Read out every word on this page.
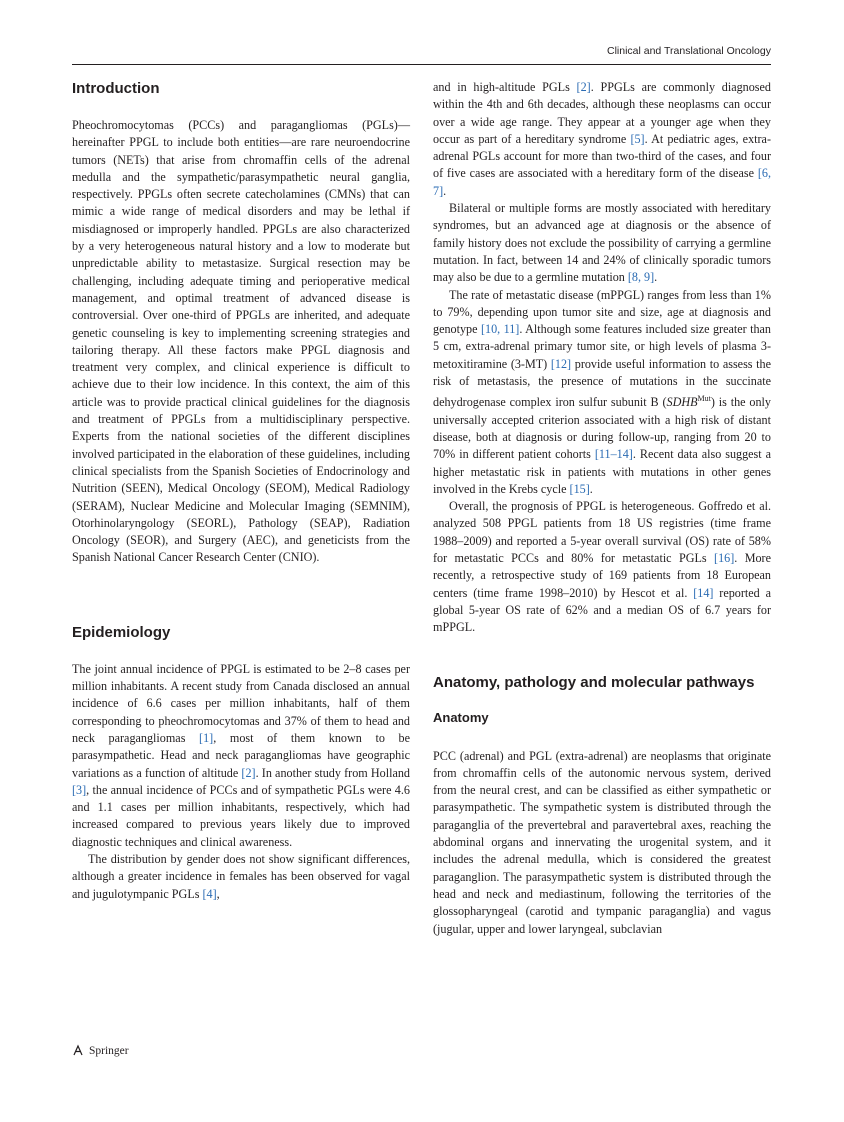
Clinical and Translational Oncology
Introduction

Pheochromocytomas (PCCs) and paragangliomas (PGLs)—hereinafter PPGL to include both entities—are rare neuroendocrine tumors (NETs) that arise from chromaffin cells of the adrenal medulla and the sympathetic/parasympathetic neural ganglia, respectively. PPGLs often secrete catecholamines (CMNs) that can mimic a wide range of medical disorders and may be lethal if misdiagnosed or improperly handled. PPGLs are also characterized by a very heterogeneous natural history and a low to moderate but unpredictable ability to metastasize. Surgical resection may be challenging, including adequate timing and perioperative medical management, and optimal treatment of advanced disease is controversial. Over one-third of PPGLs are inherited, and adequate genetic counseling is key to implementing screening strategies and tailoring therapy. All these factors make PPGL diagnosis and treatment very complex, and clinical experience is difficult to achieve due to their low incidence. In this context, the aim of this article was to provide practical clinical guidelines for the diagnosis and treatment of PPGLs from a multidisciplinary perspective. Experts from the national societies of the different disciplines involved participated in the elaboration of these guidelines, including clinical specialists from the Spanish Societies of Endocrinology and Nutrition (SEEN), Medical Oncology (SEOM), Medical Radiology (SERAM), Nuclear Medicine and Molecular Imaging (SEMNIM), Otorhinolaryngology (SEORL), Pathology (SEAP), Radiation Oncology (SEOR), and Surgery (AEC), and geneticists from the Spanish National Cancer Research Center (CNIO).

Epidemiology

The joint annual incidence of PPGL is estimated to be 2–8 cases per million inhabitants. A recent study from Canada disclosed an annual incidence of 6.6 cases per million inhabitants, half of them corresponding to pheochromocytomas and 37% of them to head and neck paragangliomas [1], most of them known to be parasympathetic. Head and neck paragangliomas have geographic variations as a function of altitude [2]. In another study from Holland [3], the annual incidence of PCCs and of sympathetic PGLs were 4.6 and 1.1 cases per million inhabitants, respectively, which had increased compared to previous years likely due to improved diagnostic techniques and clinical awareness.

The distribution by gender does not show significant differences, although a greater incidence in females has been observed for vagal and jugulotympanic PGLs [4],

and in high-altitude PGLs [2]. PPGLs are commonly diagnosed within the 4th and 6th decades, although these neoplasms can occur over a wide age range. They appear at a younger age when they occur as part of a hereditary syndrome [5]. At pediatric ages, extra-adrenal PGLs account for more than two-third of the cases, and four of five cases are associated with a hereditary form of the disease [6, 7].

Bilateral or multiple forms are mostly associated with hereditary syndromes, but an advanced age at diagnosis or the absence of family history does not exclude the possibility of carrying a germline mutation. In fact, between 14 and 24% of clinically sporadic tumors may also be due to a germline mutation [8, 9].

The rate of metastatic disease (mPPGL) ranges from less than 1% to 79%, depending upon tumor site and size, age at diagnosis and genotype [10, 11]. Although some features included size greater than 5 cm, extra-adrenal primary tumor site, or high levels of plasma 3-metoxitiramine (3-MT) [12] provide useful information to assess the risk of metastasis, the presence of mutations in the succinate dehydrogenase complex iron sulfur subunit B $(SDHB^{Mut})$ is the only universally accepted criterion associated with a high risk of distant disease, both at diagnosis or during follow-up, ranging from 20 to 70% in different patient cohorts [11–14]. Recent data also suggest a higher metastatic risk in patients with mutations in other genes involved in the Krebs cycle [15].

Overall, the prognosis of PPGL is heterogeneous. Goffredo et al. analyzed 508 PPGL patients from 18 US registries (time frame 1988–2009) and reported a 5-year overall survival (OS) rate of 58% for metastatic PCCs and 80% for metastatic PGLs [16]. More recently, a retrospective study of 169 patients from 18 European centers (time frame 1998–2010) by Hescot et al. [14] reported a global 5-year OS rate of 62% and a median OS of 6.7 years for mPPGL.

Anatomy, pathology and molecular pathways
Anatomy

PCC (adrenal) and PGL (extra-adrenal) are neoplasms that originate from chromaffin cells of the autonomic nervous system, derived from the neural crest, and can be classified as either sympathetic or parasympathetic. The sympathetic system is distributed through the paraganglia of the prevertebral and paravertebral axes, reaching the abdominal organs and innervating the urogenital system, and it includes the adrenal medulla, which is considered the greatest paraganglion. The parasympathetic system is distributed through the head and neck and mediastinum, following the territories of the glossopharyngeal (carotid and tympanic paraganglia) and vagus (jugular, upper and lower laryngeal, subclavian

Springer
